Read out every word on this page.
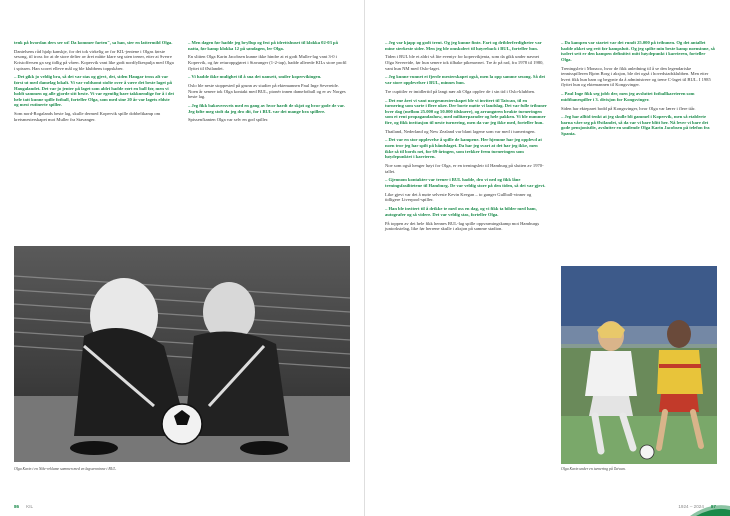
tenk på hvordan ders ser ut! Da kommer farten", sa han, sier en lattermild Olga.

Danielsens råd hjalp kanskje, for det tok virkelig av for KIL-jentene i Olgas første sesong, til tross for at de store delter av året måtte klare seg uten trener, etter at Sverre Kristoffersen ga seg tidlig på våren. Kopervik vant like godt nordfylkespulja med Olga i spissen. Han scoret elleve mål og ble klubbens toppskårer.

– Det gikk jo veldig bra, så det var stas og gjevt, det, siden Haugar tross alt var først ut med damelag lokalt. Vi var voldsomt stolte over å være det beste laget på Haugalandet. Det var jo jenter på laget som aldri hadde rørt en ball før, men vi holdt sammen og alle gjorde sitt beste. Vi var egentlig bare takknemlige for å i det hele tatt kunne spille fotball, forteller Olga, som med sine 20 år var lagets eldste og mest rutinerte spiller.

Som nord-Rogalands beste lag, skulle dermed Kopervik spille dobbeltkamp om kretsmesterskapet mot Muller fra Stavanger.

– Men dagen før hadde jeg bryllup og fest på idrettshuset til klokka 02-03 på natta, før kamp klokka 12 på søndagen, ler Olga.

En slitten Olga Karin Jacobsen kunne ikke hindre at et godt Muller-lag vant 3-0 i Kopervik, og før returoppgjøret i Stavanger (1-2-tap), hadde allerede KILs store profil flyttet til Østlandet.

– Vi hadde ikke mulighet til å sna det uansett, smiler kopervikingen.

Oslo ble neste stoppested på grunn av studier på ektemannen Paul Inge Severeide. Noen år senere tok Olga kontakt med BUL, pionér innen damefotball og er av Norges beste lag.

– Jeg fikk bakoversveis med en gang av hvor hardt de skjøt og hvor gode de var. Jeg følte meg stolt da jeg dro dit, for i BUL var det mange bra spillere.

Spissen/kanten Olga var selv en god spiller.

Olga Karin i en Nike-reklame sammen med en lagsvenninne i BUL.
86 KIL

– Jeg var kjapp og godt trent. Og jeg kunne finte. Fart og driblerferdigheter var mine sterkeste sider. Men jeg ble omskolert til høyreback i BUL, forteller hun.

Tiden i BUL ble et aldri vå lite eventyr for kopervikjenta, som da gikk under navnet Olga Severeide, før hun senere tok tilbake pikenavnet. Tre år på rad, fra 1978 til 1980, vant hun NM med Oslo-laget.

– Jeg kunne vunnet et fjerde mesterskapet også, men la opp samme sesong. Så det var store opplevelser i BUL, minnes hun.

Tre cuptitler er imidlertid på langt nær alt Olga opplev de i sin tid i Oslo-klubben.

– Det ene året vi vant norgesmesterskapet ble vi invitert til Taiwan, til en turnering som varte i flere uker. Der borte møtte vi landslag. Det var fulle tribuner hver dag (mellom 25.000 og 50.000 tilskuere), og arrangøren brukte turneringen som et rent propagandashow, med militærparader og hele pakken. Vi ble nummer fire, og fikk invitasjon til neste turnering, men da var jeg ikke med, forteller hun.

Thailand, Nederland og New Zealand var blant lagene som var med i turneringen.

– Det var en stor opplevelse å spille de kampene. Her hjemme har jeg opplevd at noen tror jeg har spilt på håndslaget. Da har jeg svart at det har jeg ikke, men ikke så til bords nei, for 69-åringen, som trekker frem turneringen som høydepunktet i karrieren.

Noe som også henger høyt for Olga, er en treningsleir til Hamburg på slutten av 1970-tallet.

– Gjennom kontakter var trener i BUL hadde, dro vi ned og fikk låne treningsfasilitetene til Hamburg. De var veldig store på den tiden, så det var gjevt.

Like gjevt var det å møte selveste Kevin Keegan – to ganger Gullball-vinner og tidligere Liverpool-spiller.

– Han ble invitert til å drikke te med oss en dag, og vi fikk ta bilder med ham, autografer og så videre. Det var veldig stas, forteller Olga.

På toppen av det hele fikk hennes BUL-lag spille oppvarmingskamp mot Hamburgs juniorkstelag, like før herrene skulle i aksjon på samme stadion.

– Da kampen var startet var det rundt 25.000 på tribunen. Og det antallet hadde økket seg rett før kampslutt. Og jeg spilte min beste kamp noensinne, så isolert sett er den kampen definitivt mitt høydepunkt i karrieren, forteller Olga.

Treningsleir i Monaco, hvor de fikk anledning til å se den legendariske tennisspilleren Bjørn Borg i aksjon, ble det også i hovedstadsklubben. Men etter hvert fikk hun barn og begynte da å administrere og trene C-laget til BUL. I 1985 flyttet hun og ektemannen til Kongsvinger.

– Paul Inge fikk seg jobb der, men jeg avsluttet fotballkarrieren som midtbanespiller i 3. divisjon for Kongsvinger.

Siden har ekteparet bodd på Kongsvinger, hvor Olga var lærer i flere tiår.

– Jeg har alltid tenkt at jeg skulle bli gammel i Kopervik, men så etablerte barna våre seg på Østlandet, så da var vi bare blitt her. Nå lever vi bare det gode pensjonistliv, avslutter en smilende Olga Karin Jacobsen på telefon fra Spania.

Olga Karin under en turnering på Taiwan.
1924 – 2024
